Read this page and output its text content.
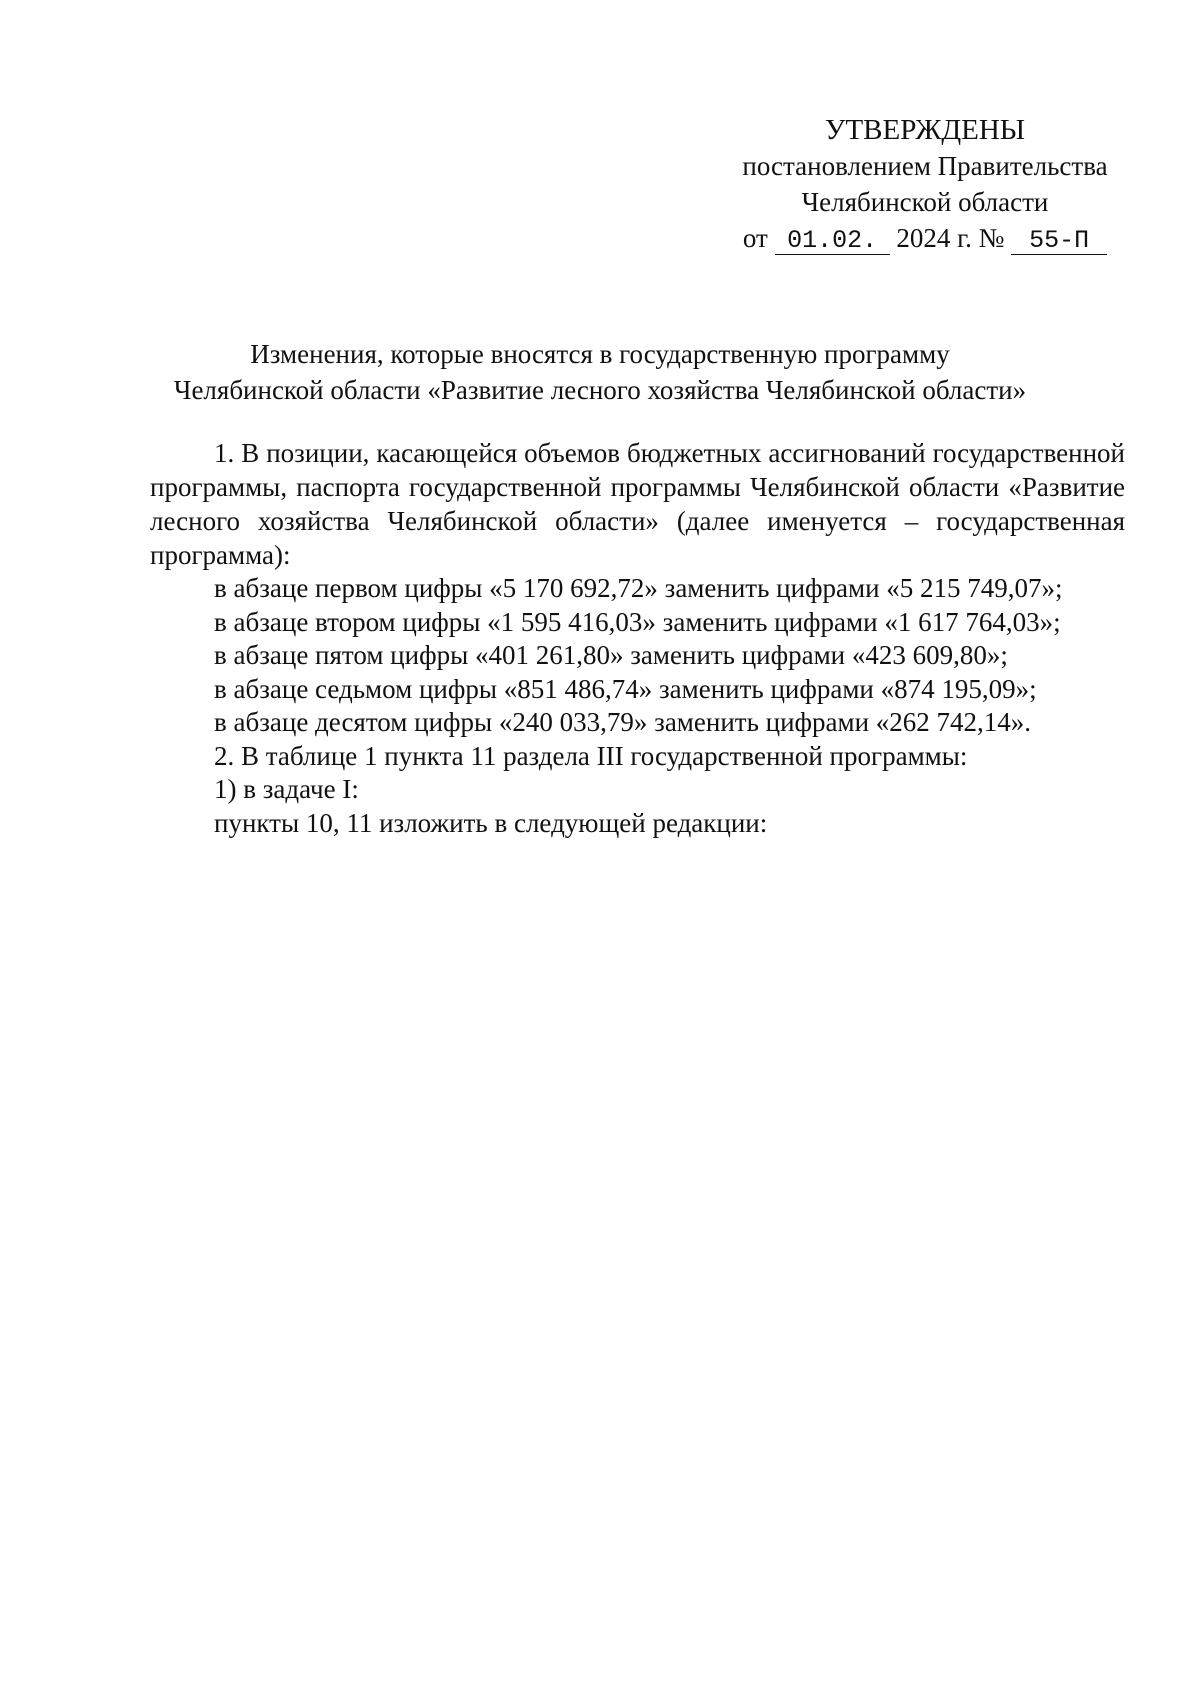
УТВЕРЖДЕНЫ
постановлением Правительства
Челябинской области
от 01.02. 2024 г. № 55-П
Изменения, которые вносятся в государственную программу
Челябинской области «Развитие лесного хозяйства Челябинской области»

1. В позиции, касающейся объемов бюджетных ассигнований государственной программы, паспорта государственной программы Челябинской области «Развитие лесного хозяйства Челябинской области» (далее именуется – государственная программа):

в абзаце первом цифры «5 170 692,72» заменить цифрами «5 215 749,07»;

в абзаце втором цифры «1 595 416,03» заменить цифрами «1 617 764,03»;

в абзаце пятом цифры «401 261,80» заменить цифрами «423 609,80»;

в абзаце седьмом цифры «851 486,74» заменить цифрами «874 195,09»;

в абзаце десятом цифры «240 033,79» заменить цифрами «262 742,14».

2. В таблице 1 пункта 11 раздела III государственной программы:

1) в задаче I:

пункты 10, 11 изложить в следующей редакции:
